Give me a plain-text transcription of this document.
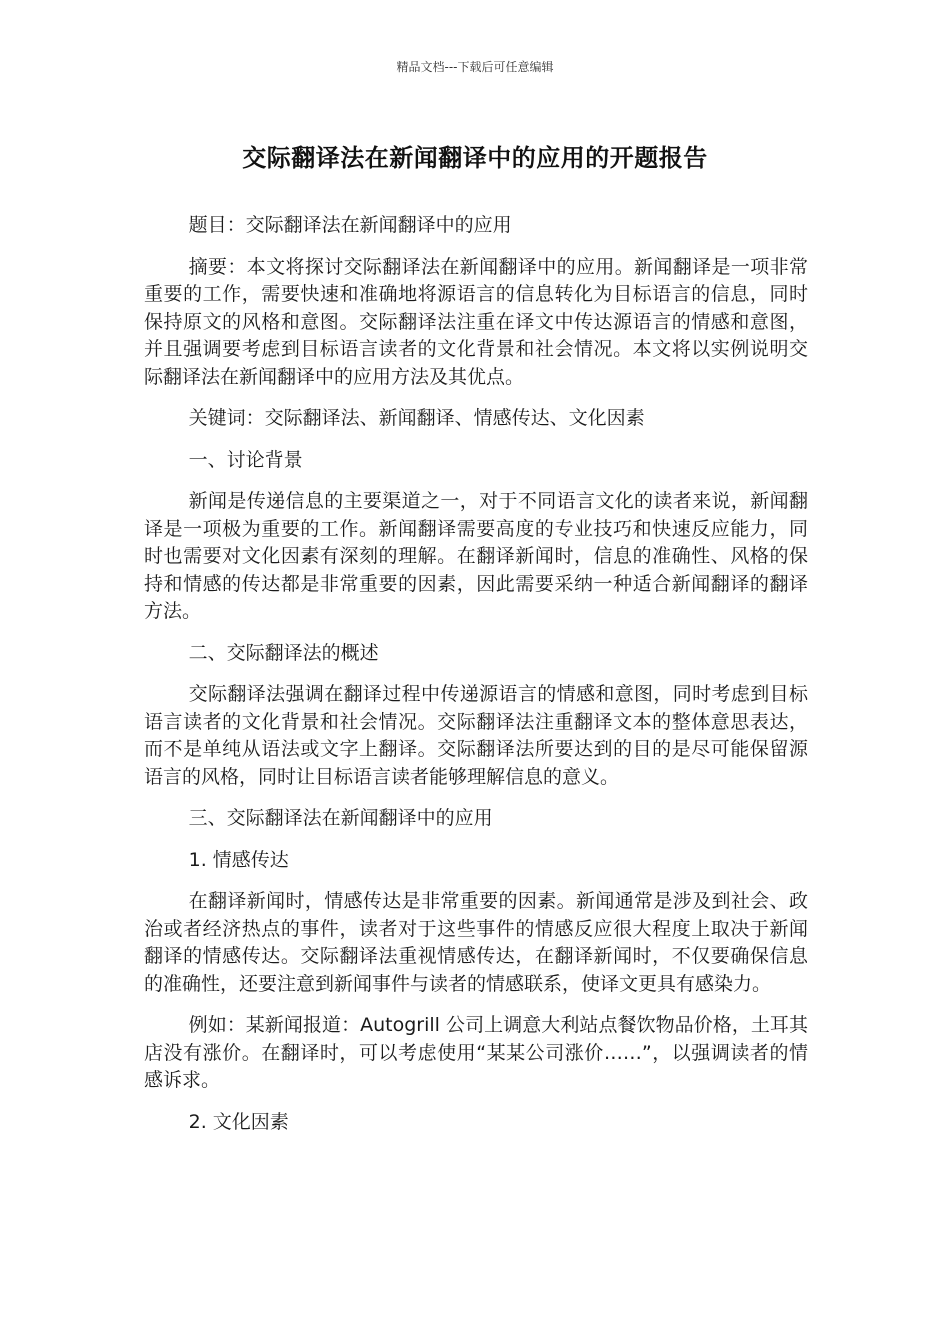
精品文档---下载后可任意编辑
交际翻译法在新闻翻译中的应用的开题报告

题目：交际翻译法在新闻翻译中的应用

摘要：本文将探讨交际翻译法在新闻翻译中的应用。新闻翻译是一项非常重要的工作，需要快速和准确地将源语言的信息转化为目标语言的信息，同时保持原文的风格和意图。交际翻译法注重在译文中传达源语言的情感和意图，并且强调要考虑到目标语言读者的文化背景和社会情况。本文将以实例说明交际翻译法在新闻翻译中的应用方法及其优点。

关键词：交际翻译法、新闻翻译、情感传达、文化因素

一、讨论背景

新闻是传递信息的主要渠道之一，对于不同语言文化的读者来说，新闻翻译是一项极为重要的工作。新闻翻译需要高度的专业技巧和快速反应能力，同时也需要对文化因素有深刻的理解。在翻译新闻时，信息的准确性、风格的保持和情感的传达都是非常重要的因素，因此需要采纳一种适合新闻翻译的翻译方法。

二、交际翻译法的概述

交际翻译法强调在翻译过程中传递源语言的情感和意图，同时考虑到目标语言读者的文化背景和社会情况。交际翻译法注重翻译文本的整体意思表达，而不是单纯从语法或文字上翻译。交际翻译法所要达到的目的是尽可能保留源语言的风格，同时让目标语言读者能够理解信息的意义。

三、交际翻译法在新闻翻译中的应用

1. 情感传达

在翻译新闻时，情感传达是非常重要的因素。新闻通常是涉及到社会、政治或者经济热点的事件，读者对于这些事件的情感反应很大程度上取决于新闻翻译的情感传达。交际翻译法重视情感传达，在翻译新闻时，不仅要确保信息的准确性，还要注意到新闻事件与读者的情感联系，使译文更具有感染力。

例如：某新闻报道：Autogrill 公司上调意大利站点餐饮物品价格，土耳其店没有涨价。在翻译时，可以考虑使用“某某公司涨价……”，以强调读者的情感诉求。

2. 文化因素
